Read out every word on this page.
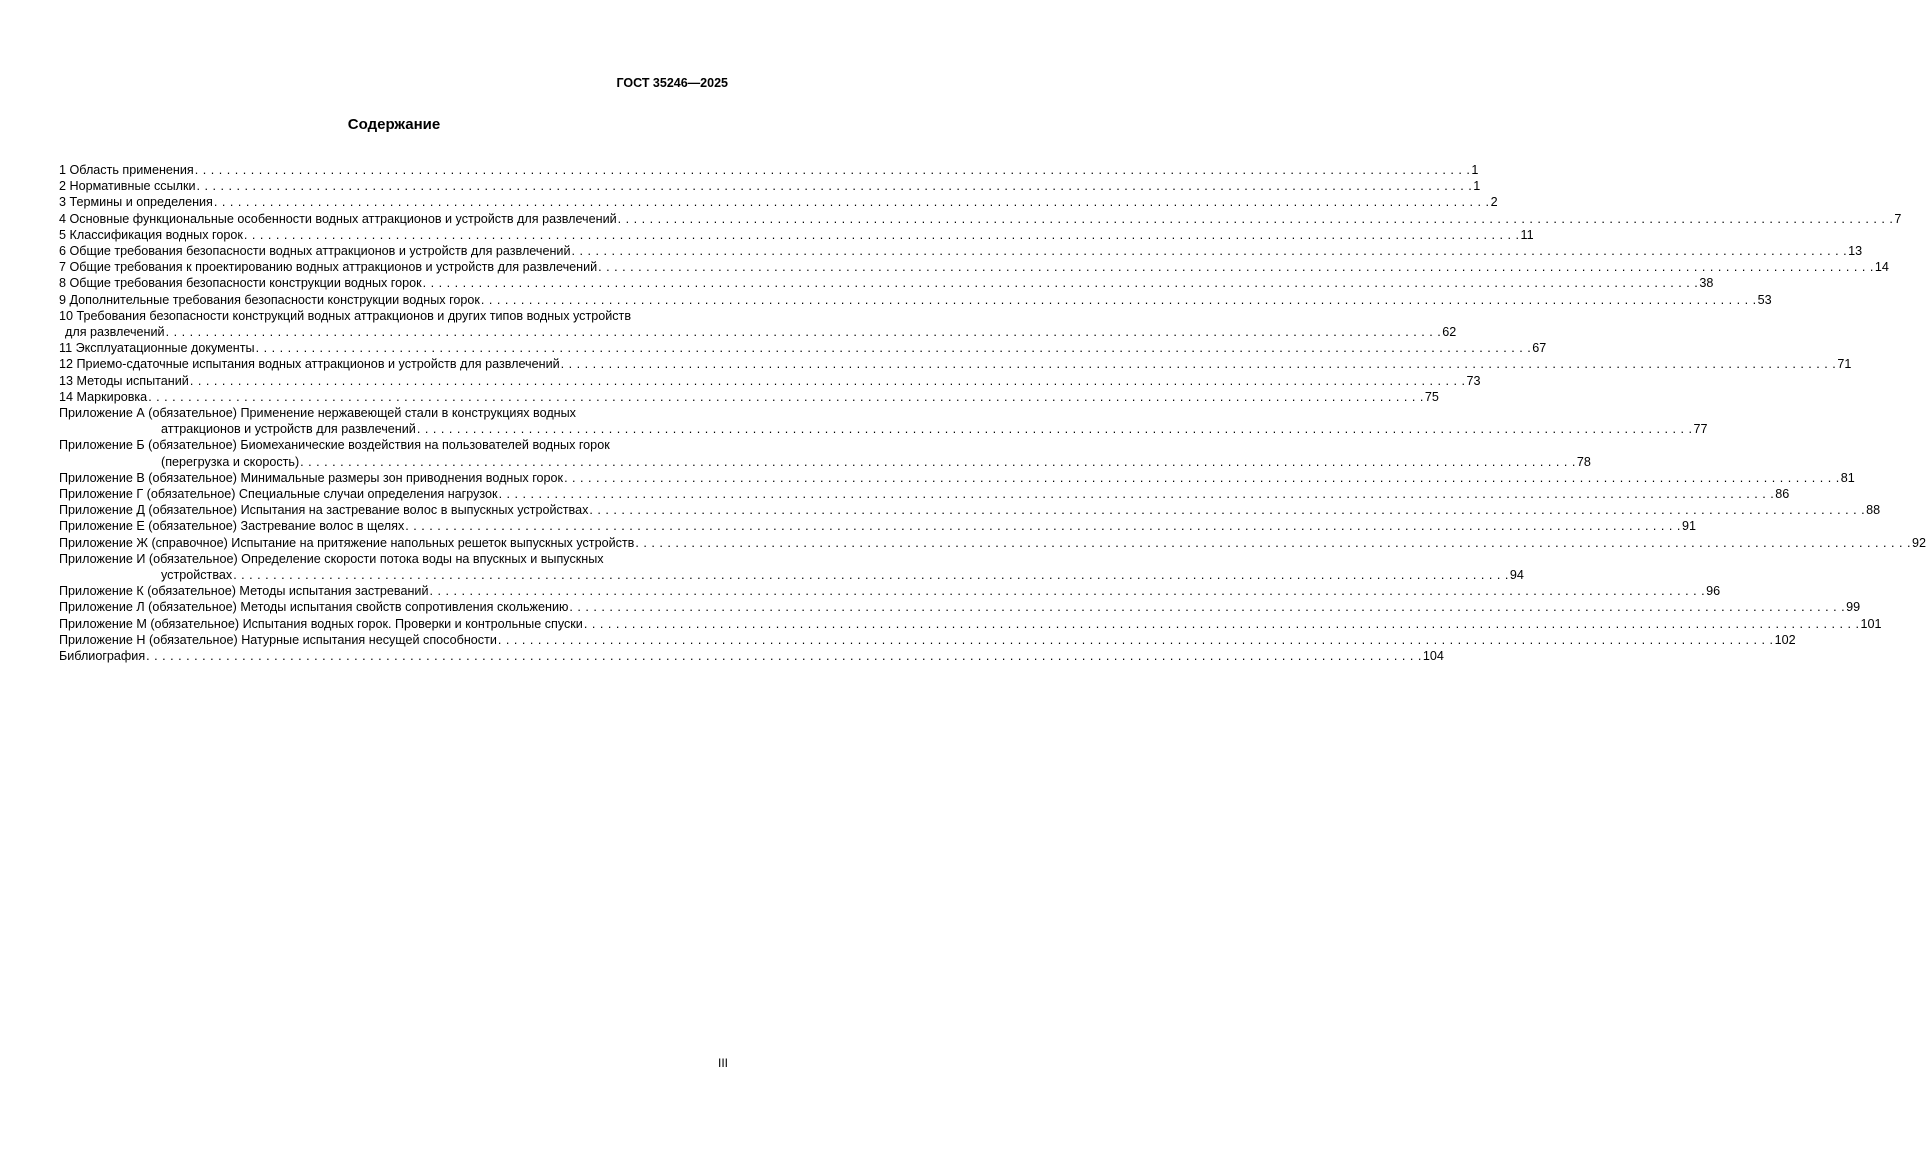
ГОСТ 35246—2025
Содержание
1 Область применения . . . . . . . . . . . . . . . . . . . . . . . . . . . . . . . . . . . . . . . . . . . . . . . . . . . . . . . . . . . . . . . . . . . . . . . . . . . . . . . . . . . . . . . . . . . . . . . . . . . . . . . . . . . . . . . . . . . . . . . . . . . . . . . . . . . . . . . . . . . . . . . . . . . . . . . . . . . . . . . . 1
2 Нормативные ссылки . . . . . . . . . . . . . . . . . . . . . . . . . . . . . . . . . . . . . . . . . . . . . . . . . . . . . . . . . . . . . . . . . . . . . . . . . . . . . . . . . . . . . . . . . . . . . . . . . . . . . . . . . . . . . . . . . . . . . . . . . . . . . . . . . . . . . . . . . . . . . . . . . . . . . . . . . . . . . . . . 1
3 Термины и определения . . . . . . . . . . . . . . . . . . . . . . . . . . . . . . . . . . . . . . . . . . . . . . . . . . . . . . . . . . . . . . . . . . . . . . . . . . . . . . . . . . . . . . . . . . . . . . . . . . . . . . . . . . . . . . . . . . . . . . . . . . . . . . . . . . . . . . . . . . . . . . . . . . . . . . . . . . . . . . . . 2
4 Основные функциональные особенности водных аттракционов и устройств для развлечений . . . . . . . . . . . . . . . . . . . . . . . . . . . . . . . . . . . . . . . . . . . . . . . . . . . . . . . . . . . . . . . . . . . . . . . . . . . . . . . . . . . . . . . . . . . . . . . . . . . . . . . . . . . . . . . . . . . . . . . . . . . . . . . . . . . . . . . . . . . . . . . . . . . . . . . . . . . . . . . . 7
5 Классификация водных горок . . . . . . . . . . . . . . . . . . . . . . . . . . . . . . . . . . . . . . . . . . . . . . . . . . . . . . . . . . . . . . . . . . . . . . . . . . . . . . . . . . . . . . . . . . . . . . . . . . . . . . . . . . . . . . . . . . . . . . . . . . . . . . . . . . . . . . . . . . . . . . . . . . . . . . . . . . . . . . . . 11
6 Общие требования безопасности водных аттракционов и устройств для развлечений . . . . . . . . . . . . . . . . . . . . . . . . . . . . . . . . . . . . . . . . . . . . . . . . . . . . . . . . . . . . . . . . . . . . . . . . . . . . . . . . . . . . . . . . . . . . . . . . . . . . . . . . . . . . . . . . . . . . . . . . . . . . . . . . . . . . . . . . . . . . . . . . . . . . . . . . . . . . . . . . 13
7 Общие требования к проектированию водных аттракционов и устройств для развлечений . . . . . . . . . . . . . . . . . . . . . . . . . . . . . . . . . . . . . . . . . . . . . . . . . . . . . . . . . . . . . . . . . . . . . . . . . . . . . . . . . . . . . . . . . . . . . . . . . . . . . . . . . . . . . . . . . . . . . . . . . . . . . . . . . . . . . . . . . . . . . . . . . . . . . . . . . . . . . . . . 14
8 Общие требования безопасности конструкции водных горок . . . . . . . . . . . . . . . . . . . . . . . . . . . . . . . . . . . . . . . . . . . . . . . . . . . . . . . . . . . . . . . . . . . . . . . . . . . . . . . . . . . . . . . . . . . . . . . . . . . . . . . . . . . . . . . . . . . . . . . . . . . . . . . . . . . . . . . . . . . . . . . . . . . . . . . . . . . . . . . . 38
9 Дополнительные требования безопасности конструкции водных горок . . . . . . . . . . . . . . . . . . . . . . . . . . . . . . . . . . . . . . . . . . . . . . . . . . . . . . . . . . . . . . . . . . . . . . . . . . . . . . . . . . . . . . . . . . . . . . . . . . . . . . . . . . . . . . . . . . . . . . . . . . . . . . . . . . . . . . . . . . . . . . . . . . . . . . . . . . . . . . . . 53
10 Требования безопасности конструкций водных аттракционов и других типов водных устройств
для развлечений . . . . . . . . . . . . . . . . . . . . . . . . . . . . . . . . . . . . . . . . . . . . . . . . . . . . . . . . . . . . . . . . . . . . . . . . . . . . . . . . . . . . . . . . . . . . . . . . . . . . . . . . . . . . . . . . . . . . . . . . . . . . . . . . . . . . . . . . . . . . . . . . . . . . . . . . . . . . . . . . 62
11 Эксплуатационные документы . . . . . . . . . . . . . . . . . . . . . . . . . . . . . . . . . . . . . . . . . . . . . . . . . . . . . . . . . . . . . . . . . . . . . . . . . . . . . . . . . . . . . . . . . . . . . . . . . . . . . . . . . . . . . . . . . . . . . . . . . . . . . . . . . . . . . . . . . . . . . . . . . . . . . . . . . . . . . . . . 67
12 Приемо-сдаточные испытания водных аттракционов и устройств для развлечений . . . . . . . . . . . . . . . . . . . . . . . . . . . . . . . . . . . . . . . . . . . . . . . . . . . . . . . . . . . . . . . . . . . . . . . . . . . . . . . . . . . . . . . . . . . . . . . . . . . . . . . . . . . . . . . . . . . . . . . . . . . . . . . . . . . . . . . . . . . . . . . . . . . . . . . . . . . . . . . . 71
13 Методы испытаний . . . . . . . . . . . . . . . . . . . . . . . . . . . . . . . . . . . . . . . . . . . . . . . . . . . . . . . . . . . . . . . . . . . . . . . . . . . . . . . . . . . . . . . . . . . . . . . . . . . . . . . . . . . . . . . . . . . . . . . . . . . . . . . . . . . . . . . . . . . . . . . . . . . . . . . . . . . . . . . . 73
14 Маркировка . . . . . . . . . . . . . . . . . . . . . . . . . . . . . . . . . . . . . . . . . . . . . . . . . . . . . . . . . . . . . . . . . . . . . . . . . . . . . . . . . . . . . . . . . . . . . . . . . . . . . . . . . . . . . . . . . . . . . . . . . . . . . . . . . . . . . . . . . . . . . . . . . . . . . . . . . . . . . . . . 75
Приложение А (обязательное) Применение нержавеющей стали в конструкциях водных
аттракционов и устройств для развлечений . . . . . . . . . . . . . . . . . . . . . . . . . . . . . . . . . . . . . . . . . . . . . . . . . . . . . . . . . . . . . . . . . . . . . . . . . . . . . . . . . . . . . . . . . . . . . . . . . . . . . . . . . . . . . . . . . . . . . . . . . . . . . . . . . . . . . . . . . . . . . . . . . . . . . . . . . . . . . . . . 77
Приложение Б (обязательное) Биомеханические воздействия на пользователей водных горок
(перегрузка и скорость) . . . . . . . . . . . . . . . . . . . . . . . . . . . . . . . . . . . . . . . . . . . . . . . . . . . . . . . . . . . . . . . . . . . . . . . . . . . . . . . . . . . . . . . . . . . . . . . . . . . . . . . . . . . . . . . . . . . . . . . . . . . . . . . . . . . . . . . . . . . . . . . . . . . . . . . . . . . . . . . . 78
Приложение В (обязательное) Минимальные размеры зон приводнения водных горок . . . . . . . . . . . . . . . . . . . . . . . . . . . . . . . . . . . . . . . . . . . . . . . . . . . . . . . . . . . . . . . . . . . . . . . . . . . . . . . . . . . . . . . . . . . . . . . . . . . . . . . . . . . . . . . . . . . . . . . . . . . . . . . . . . . . . . . . . . . . . . . . . . . . . . . . . . . . . . . . 81
Приложение Г (обязательное) Специальные случаи определения нагрузок . . . . . . . . . . . . . . . . . . . . . . . . . . . . . . . . . . . . . . . . . . . . . . . . . . . . . . . . . . . . . . . . . . . . . . . . . . . . . . . . . . . . . . . . . . . . . . . . . . . . . . . . . . . . . . . . . . . . . . . . . . . . . . . . . . . . . . . . . . . . . . . . . . . . . . . . . . . . . . . . 86
Приложение Д (обязательное) Испытания на застревание волос в выпускных устройствах . . . . . . . . . . . . . . . . . . . . . . . . . . . . . . . . . . . . . . . . . . . . . . . . . . . . . . . . . . . . . . . . . . . . . . . . . . . . . . . . . . . . . . . . . . . . . . . . . . . . . . . . . . . . . . . . . . . . . . . . . . . . . . . . . . . . . . . . . . . . . . . . . . . . . . . . . . . . . . . . 88
Приложение Е (обязательное) Застревание волос в щелях . . . . . . . . . . . . . . . . . . . . . . . . . . . . . . . . . . . . . . . . . . . . . . . . . . . . . . . . . . . . . . . . . . . . . . . . . . . . . . . . . . . . . . . . . . . . . . . . . . . . . . . . . . . . . . . . . . . . . . . . . . . . . . . . . . . . . . . . . . . . . . . . . . . . . . . . . . . . . . . . 91
Приложение Ж (справочное) Испытание на притяжение напольных решеток выпускных устройств . . . . . . . . . . . . . . . . . . . . . . . . . . . . . . . . . . . . . . . . . . . . . . . . . . . . . . . . . . . . . . . . . . . . . . . . . . . . . . . . . . . . . . . . . . . . . . . . . . . . . . . . . . . . . . . . . . . . . . . . . . . . . . . . . . . . . . . . . . . . . . . . . . . . . . . . . . . . . . . . 92
Приложение И (обязательное) Определение скорости потока воды на впускных и выпускных
устройствах . . . . . . . . . . . . . . . . . . . . . . . . . . . . . . . . . . . . . . . . . . . . . . . . . . . . . . . . . . . . . . . . . . . . . . . . . . . . . . . . . . . . . . . . . . . . . . . . . . . . . . . . . . . . . . . . . . . . . . . . . . . . . . . . . . . . . . . . . . . . . . . . . . . . . . . . . . . . . . . . 94
Приложение К (обязательное) Методы испытания застреваний . . . . . . . . . . . . . . . . . . . . . . . . . . . . . . . . . . . . . . . . . . . . . . . . . . . . . . . . . . . . . . . . . . . . . . . . . . . . . . . . . . . . . . . . . . . . . . . . . . . . . . . . . . . . . . . . . . . . . . . . . . . . . . . . . . . . . . . . . . . . . . . . . . . . . . . . . . . . . . . . 96
Приложение Л (обязательное) Методы испытания свойств сопротивления скольжению . . . . . . . . . . . . . . . . . . . . . . . . . . . . . . . . . . . . . . . . . . . . . . . . . . . . . . . . . . . . . . . . . . . . . . . . . . . . . . . . . . . . . . . . . . . . . . . . . . . . . . . . . . . . . . . . . . . . . . . . . . . . . . . . . . . . . . . . . . . . . . . . . . . . . . . . . . . . . . . . 99
Приложение М (обязательное) Испытания водных горок. Проверки и контрольные спуски . . . . . . . . . . . . . . . . . . . . . . . . . . . . . . . . . . . . . . . . . . . . . . . . . . . . . . . . . . . . . . . . . . . . . . . . . . . . . . . . . . . . . . . . . . . . . . . . . . . . . . . . . . . . . . . . . . . . . . . . . . . . . . . . . . . . . . . . . . . . . . . . . . . . . . . . . . . . . . . . 101
Приложение Н (обязательное) Натурные испытания несущей способности . . . . . . . . . . . . . . . . . . . . . . . . . . . . . . . . . . . . . . . . . . . . . . . . . . . . . . . . . . . . . . . . . . . . . . . . . . . . . . . . . . . . . . . . . . . . . . . . . . . . . . . . . . . . . . . . . . . . . . . . . . . . . . . . . . . . . . . . . . . . . . . . . . . . . . . . . . . . . . . . 102
Библиография . . . . . . . . . . . . . . . . . . . . . . . . . . . . . . . . . . . . . . . . . . . . . . . . . . . . . . . . . . . . . . . . . . . . . . . . . . . . . . . . . . . . . . . . . . . . . . . . . . . . . . . . . . . . . . . . . . . . . . . . . . . . . . . . . . . . . . . . . . . . . . . . . . . . . . . . . . . . . . . . 104
III
